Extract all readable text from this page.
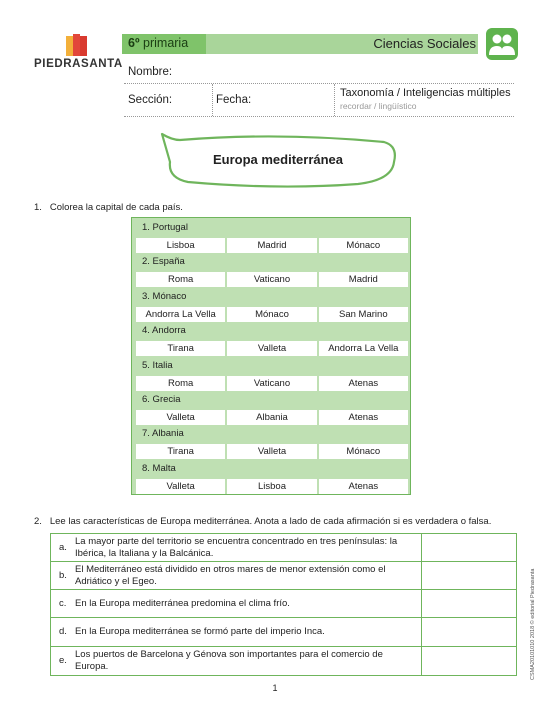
PIEDRASANTA
6º primaria	Ciencias Sociales
Nombre:
Sección:	Fecha:
Taxonomía / Inteligencias múltiples
recordar / lingüístico
Europa mediterránea
1. Colorea la capital de cada país.
1. Portugal
Lisboa	Madrid	Mónaco
2. España
Roma	Vaticano	Madrid
3. Mónaco
Andorra La Vella	Mónaco	San Marino
4. Andorra
Tirana	Valleta	Andorra La Vella
5. Italia
Roma	Vaticano	Atenas
6. Grecia
Valleta	Albania	Atenas
7. Albania
Tirana	Valleta	Mónaco
8. Malta
Valleta	Lisboa	Atenas
2. Lee las características de Europa mediterránea. Anota a lado de cada afirmación si es verdadera o falsa.
a.
La mayor parte del territorio se encuentra concentrado en tres penínsulas: la Ibérica, la Italiana y la Balcánica.
b.
El Mediterráneo está dividido en otros mares de menor extensión como el Adriático y el Egeo.
c. En la Europa mediterránea predomina el clima frío.
d. En la Europa mediterránea se formó parte del imperio Inca.
e.
Los puertos de Barcelona y Génova son importantes para el comercio de Europa.	CSMA20101010 2018 © editorial Piedrasanta
1
